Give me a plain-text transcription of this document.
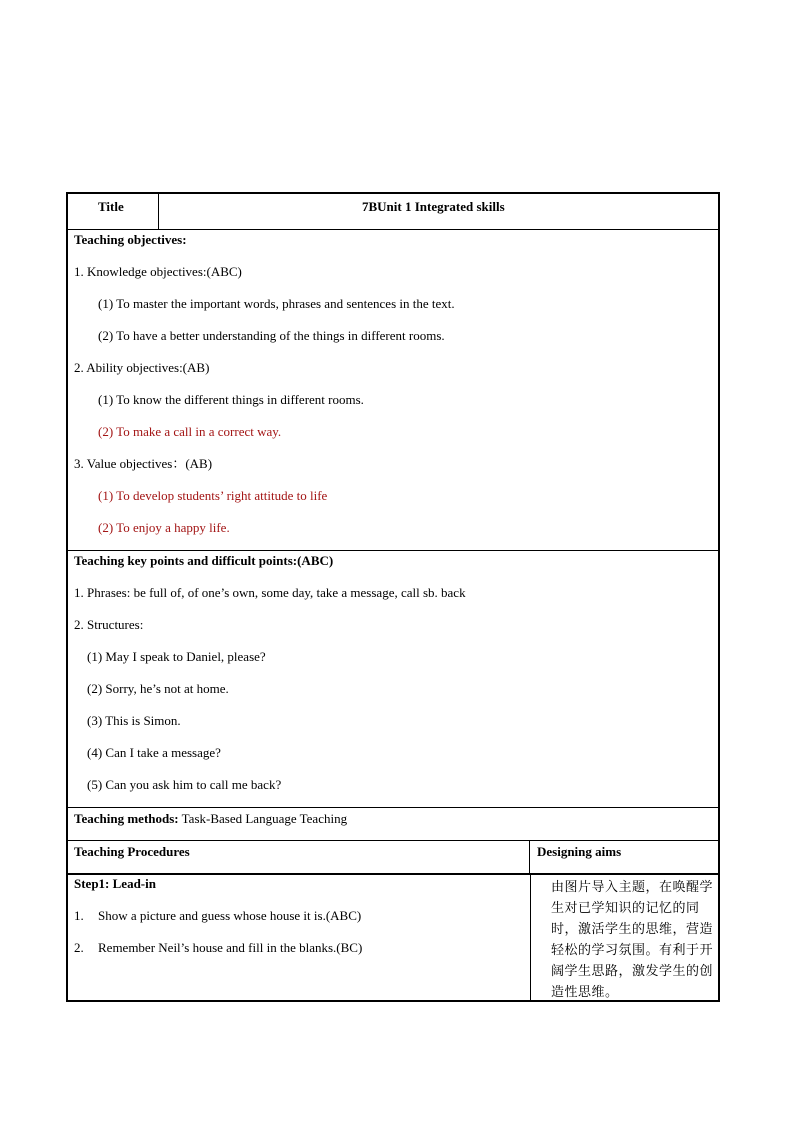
Title	7BUnit 1 Integrated skills
Teaching objectives:
1. Knowledge objectives:(ABC)
(1) To master the important words, phrases and sentences in the text.
(2) To have a better understanding of the things in different rooms.
2. Ability objectives:(AB)
(1) To know the different things in different rooms.
(2) To make a call in a correct way.
3. Value objectives：(AB)
(1) To develop students’ right attitude to life
(2) To enjoy a happy life.
Teaching key points and difficult points:(ABC)
1. Phrases: be full of, of one’s own, some day, take a message, call sb. back
2. Structures:
(1) May I speak to Daniel, please?
(2) Sorry, he’s not at home.
(3) This is Simon.
(4) Can I take a message?
(5) Can you ask him to call me back?
Teaching methods: Task-Based Language Teaching
Teaching Procedures	Designing aims
Step1: Lead-in
1. Show a picture and guess whose house it is.(ABC)
2. Remember Neil’s house and fill in the blanks.(BC)
由图片导入主题，在唤醒学生对已学知识的记忆的同时，激活学生的思维，营造轻松的学习氛围。有利于开阔学生思路，激发学生的创造性思维。
